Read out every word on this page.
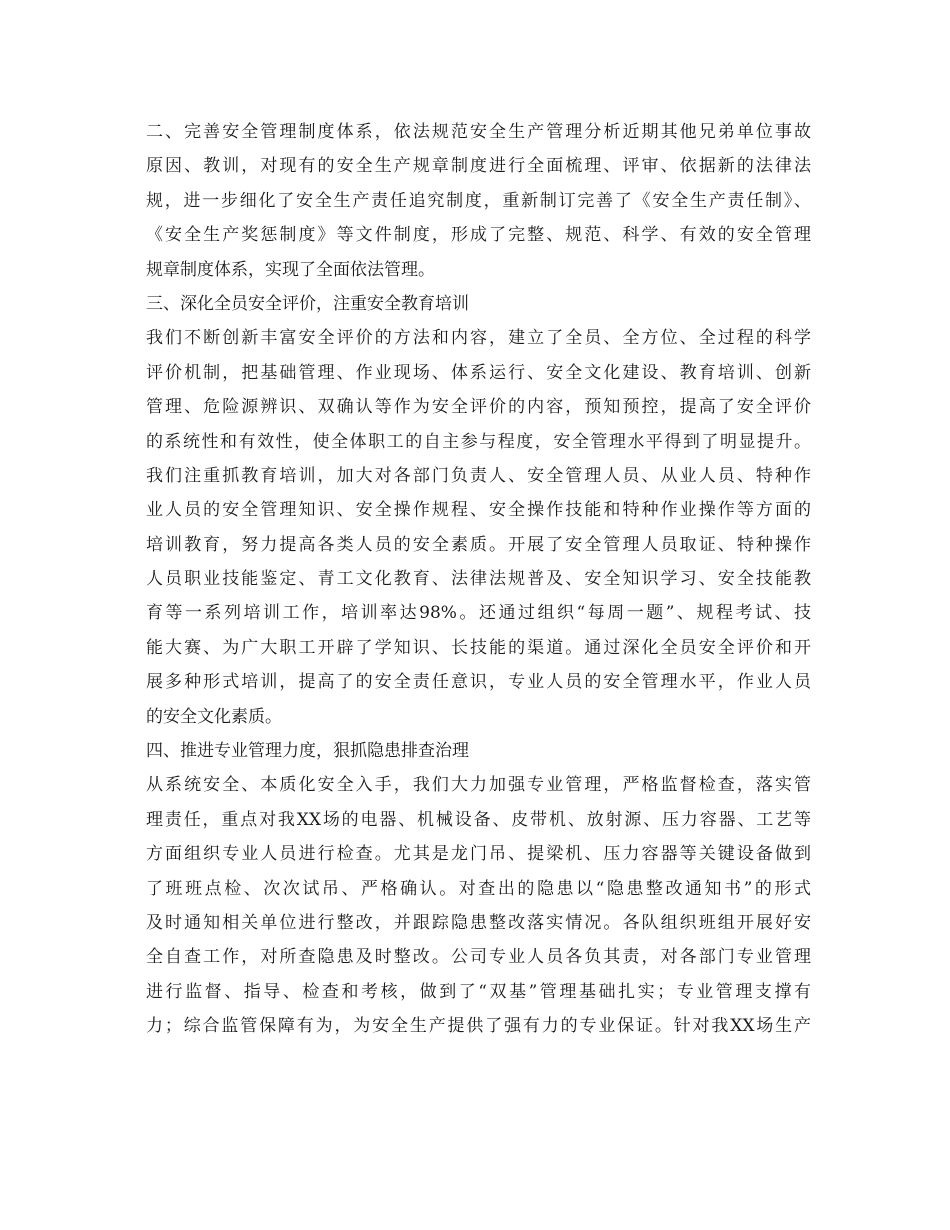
二、完善安全管理制度体系，依法规范安全生产管理分析近期其他兄弟单位事故
原因、教训，对现有的安全生产规章制度进行全面梳理、评审、依据新的法律法
规，进一步细化了安全生产责任追究制度，重新制订完善了《安全生产责任制》、
《安全生产奖惩制度》等文件制度，形成了完整、规范、科学、有效的安全管理
规章制度体系，实现了全面依法管理。
三、深化全员安全评价，注重安全教育培训
我们不断创新丰富安全评价的方法和内容，建立了全员、全方位、全过程的科学
评价机制，把基础管理、作业现场、体系运行、安全文化建设、教育培训、创新
管理、危险源辨识、双确认等作为安全评价的内容，预知预控，提高了安全评价
的系统性和有效性，使全体职工的自主参与程度，安全管理水平得到了明显提升。
我们注重抓教育培训，加大对各部门负责人、安全管理人员、从业人员、特种作
业人员的安全管理知识、安全操作规程、安全操作技能和特种作业操作等方面的
培训教育，努力提高各类人员的安全素质。开展了安全管理人员取证、特种操作
人员职业技能鉴定、青工文化教育、法律法规普及、安全知识学习、安全技能教
育等一系列培训工作，培训率达98%。还通过组织“每周一题”、规程考试、技
能大赛、为广大职工开辟了学知识、长技能的渠道。通过深化全员安全评价和开
展多种形式培训，提高了的安全责任意识，专业人员的安全管理水平，作业人员
的安全文化素质。
四、推进专业管理力度，狠抓隐患排查治理
从系统安全、本质化安全入手，我们大力加强专业管理，严格监督检查，落实管
理责任，重点对我XX场的电器、机械设备、皮带机、放射源、压力容器、工艺等
方面组织专业人员进行检查。尤其是龙门吊、提梁机、压力容器等关键设备做到
了班班点检、次次试吊、严格确认。对查出的隐患以“隐患整改通知书”的形式
及时通知相关单位进行整改，并跟踪隐患整改落实情况。各队组织班组开展好安
全自查工作，对所查隐患及时整改。公司专业人员各负其责，对各部门专业管理
进行监督、指导、检查和考核，做到了“双基”管理基础扎实；专业管理支撑有
力；综合监管保障有为，为安全生产提供了强有力的专业保证。针对我XX场生产
